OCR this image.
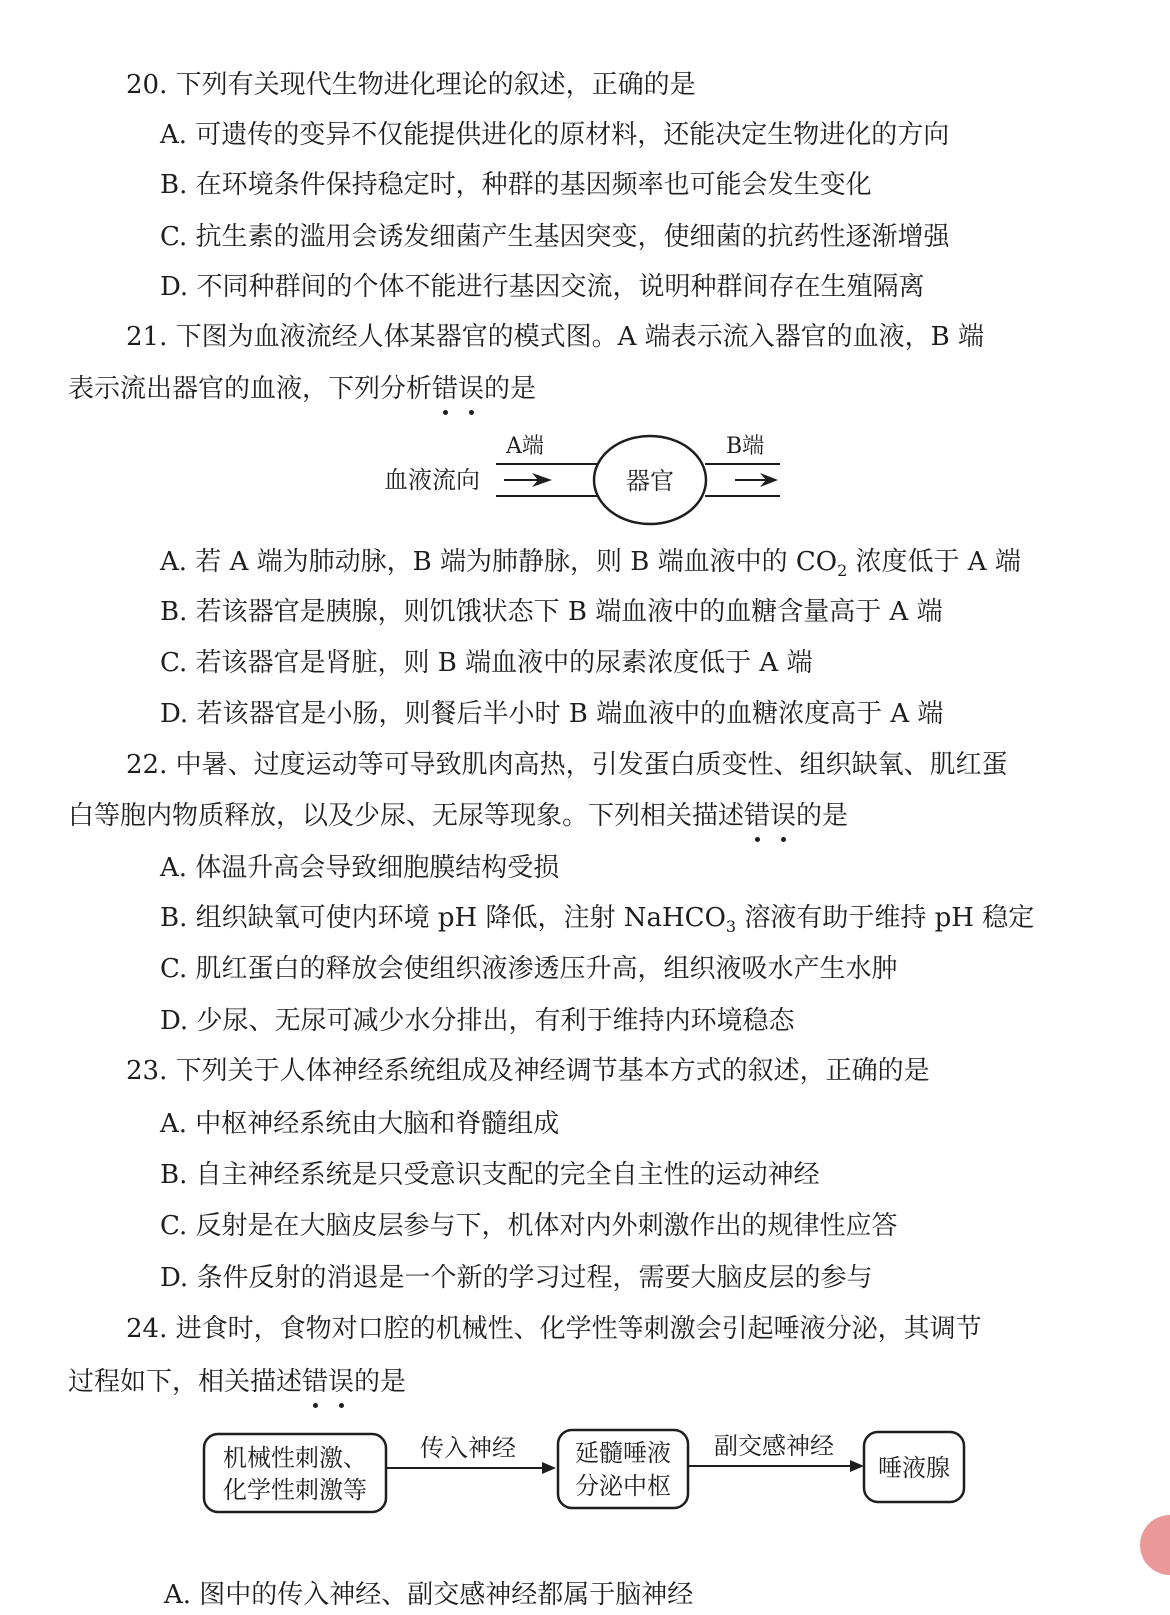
20. 下列有关现代生物进化理论的叙述，正确的是
A. 可遗传的变异不仅能提供进化的原材料，还能决定生物进化的方向
B. 在环境条件保持稳定时，种群的基因频率也可能会发生变化
C. 抗生素的滥用会诱发细菌产生基因突变，使细菌的抗药性逐渐增强
D. 不同种群间的个体不能进行基因交流，说明种群间存在生殖隔离
21. 下图为血液流经人体某器官的模式图。A 端表示流入器官的血液，B 端
表示流出器官的血液，下列分析错误的是
血液流向
A端	B端
器官
A. 若 A 端为肺动脉，B 端为肺静脉，则 B 端血液中的 $CO_2$ 浓度低于 A 端
B. 若该器官是胰腺，则饥饿状态下 B 端血液中的血糖含量高于 A 端
C. 若该器官是肾脏，则 B 端血液中的尿素浓度低于 A 端
D. 若该器官是小肠，则餐后半小时 B 端血液中的血糖浓度高于 A 端
22. 中暑、过度运动等可导致肌肉高热，引发蛋白质变性、组织缺氧、肌红蛋
白等胞内物质释放，以及少尿、无尿等现象。下列相关描述错误的是
A. 体温升高会导致细胞膜结构受损
B. 组织缺氧可使内环境 pH 降低，注射 NaHCO$_3$ 溶液有助于维持 pH 稳定
C. 肌红蛋白的释放会使组织液渗透压升高，组织液吸水产生水肿
D. 少尿、无尿可减少水分排出，有利于维持内环境稳态
23. 下列关于人体神经系统组成及神经调节基本方式的叙述，正确的是
A. 中枢神经系统由大脑和脊髓组成
B. 自主神经系统是只受意识支配的完全自主性的运动神经
C. 反射是在大脑皮层参与下，机体对内外刺激作出的规律性应答
D. 条件反射的消退是一个新的学习过程，需要大脑皮层的参与
24. 进食时，食物对口腔的机械性、化学性等刺激会引起唾液分泌，其调节
过程如下，相关描述错误的是
机械性刺激、
化学性刺激等
传入神经 延髓唾液
分泌中枢
副交感神经
唾液腺
A. 图中的传入神经、副交感神经都属于脑神经
